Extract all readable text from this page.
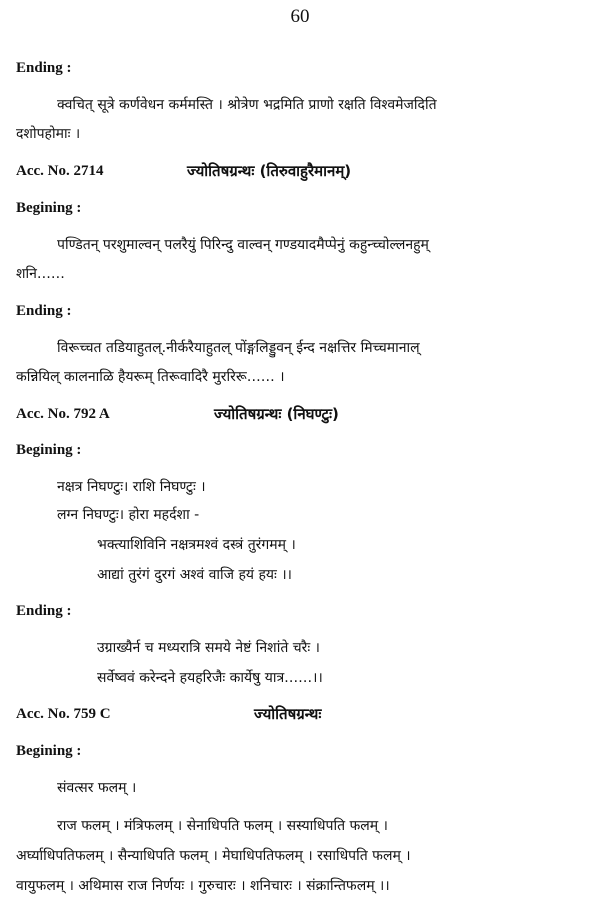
60
Ending :
क्वचित् सूत्रे कर्णवेधन कर्ममस्ति । श्रोत्रेण भद्रमिति प्राणो रक्षति विश्वमेजदिति
दशोपहोमाः ।
Acc. No. 2714	ज्योतिषग्रन्थः (तिरुवाहुरैमानम्)
Begining :
पण्डितन् परशुमाल्वन् पलरैयुं पिरिन्दु वाल्वन् गण्डयादमैप्पेनुं कहुन्च्चोल्लनहुम्
शनि……
Ending :
विरूच्चत तडियाहुतल्.नीर्करैयाहुतल् पोंङ्गलिड्डुवन् ईन्द नक्षत्तिर मिच्चमानाल्
कन्नियिल् कालनाळि हैयरूम् तिरूवादिरै मुररिरू…… ।
Acc. No. 792 A	ज्योतिषग्रन्थः (निघण्टुः)
Begining :
नक्षत्र निघण्टुः। राशि निघण्टुः ।
लग्न निघण्टुः। होरा महर्दशा -
भक्त्याशिविनि नक्षत्रमश्वं दस्त्रं तुरंगमम् ।
आद्यां तुरंगं दुरगं अश्वं वाजि हयं हयः ।।
Ending :
उग्राख्यैर्न च मध्यरात्रि समये नेष्टं निशांते चरैः ।
सर्वेष्ववं करेन्दने हयहरिजैः कार्येषु यात्र……।।
Acc. No. 759 C	ज्योतिषग्रन्थः
Begining :
संवत्सर फलम् ।
राज फलम् । मंत्रिफलम् । सेनाधिपति फलम् । सस्याधिपति फलम् ।
अर्घ्याधिपतिफलम् । सैन्याधिपति फलम् । मेघाधिपतिफलम् । रसाधिपति फलम् ।
वायुफलम् । अथिमास राज निर्णयः । गुरुचारः । शनिचारः । संक्रान्तिफलम् ।।
